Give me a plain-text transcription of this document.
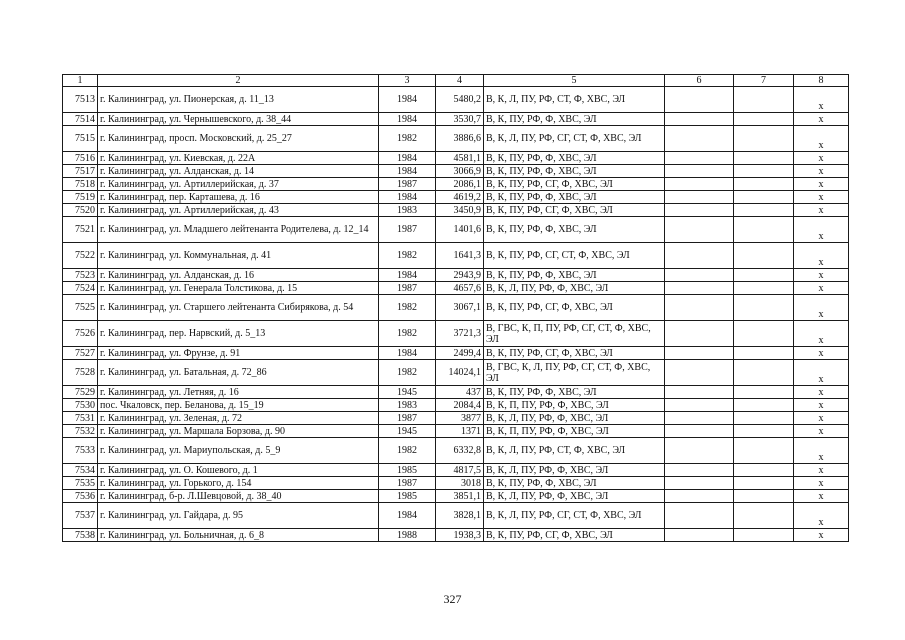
1	2	3	4	5	6	7	8
7513	г. Калининград, ул. Пионерская, д. 11_13	1984	5480,2	В, К, Л, ПУ, РФ, СТ, Ф, ХВС, ЭЛ			x
7514	г. Калининград, ул. Чернышевского, д. 38_44	1984	3530,7	В, К, ПУ, РФ, Ф, ХВС, ЭЛ			x
7515	г. Калининград, просп. Московский, д. 25_27	1982	3886,6	В, К, Л, ПУ, РФ, СГ, СТ, Ф, ХВС, ЭЛ			x
7516	г. Калининград, ул. Киевская, д. 22А	1984	4581,1	В, К, ПУ, РФ, Ф, ХВС, ЭЛ			x
7517	г. Калининград, ул. Алданская, д. 14	1984	3066,9	В, К, ПУ, РФ, Ф, ХВС, ЭЛ			x
7518	г. Калининград, ул. Артиллерийская, д. 37	1987	2086,1	В, К, ПУ, РФ, СГ, Ф, ХВС, ЭЛ			x
7519	г. Калининград, пер. Карташева, д. 16	1984	4619,2	В, К, ПУ, РФ, Ф, ХВС, ЭЛ			x
7520	г. Калининград, ул. Артиллерийская, д. 43	1983	3450,9	В, К, ПУ, РФ, СГ, Ф, ХВС, ЭЛ			x
7521	г. Калининград, ул. Младшего лейтенанта Родителева, д. 12_14	1987	1401,6	В, К, ПУ, РФ, Ф, ХВС, ЭЛ			x
7522	г. Калининград, ул. Коммунальная, д. 41	1982	1641,3	В, К, ПУ, РФ, СГ, СТ, Ф, ХВС, ЭЛ			x
7523	г. Калининград, ул. Алданская, д. 16	1984	2943,9	В, К, ПУ, РФ, Ф, ХВС, ЭЛ			x
7524	г. Калининград, ул. Генерала Толстикова, д. 15	1987	4657,6	В, К, Л, ПУ, РФ, Ф, ХВС, ЭЛ			x
7525	г. Калининград, ул. Старшего лейтенанта Сибирякова, д. 54	1982	3067,1	В, К, ПУ, РФ, СГ, Ф, ХВС, ЭЛ			x
7526	г. Калининград, пер. Нарвский, д. 5_13	1982	3721,3	В, ГВС, К, П, ПУ, РФ, СГ, СТ, Ф, ХВС, ЭЛ			x
7527	г. Калининград, ул. Фрунзе, д. 91	1984	2499,4	В, К, ПУ, РФ, СГ, Ф, ХВС, ЭЛ			x
7528	г. Калининград, ул. Батальная, д. 72_86	1982	14024,1	В, ГВС, К, Л, ПУ, РФ, СГ, СТ, Ф, ХВС, ЭЛ			x
7529	г. Калининград, ул. Летняя, д. 16	1945	437	В, К, ПУ, РФ, Ф, ХВС, ЭЛ			x
7530	пос. Чкаловск, пер. Беланова, д. 15_19	1983	2084,4	В, К, П, ПУ, РФ, Ф, ХВС, ЭЛ			x
7531	г. Калининград, ул. Зеленая, д. 72	1987	3877	В, К, Л, ПУ, РФ, Ф, ХВС, ЭЛ			x
7532	г. Калининград, ул. Маршала Борзова, д. 90	1945	1371	В, К, П, ПУ, РФ, Ф, ХВС, ЭЛ			x
7533	г. Калининград, ул. Мариупольская, д. 5_9	1982	6332,8	В, К, Л, ПУ, РФ, СТ, Ф, ХВС, ЭЛ			x
7534	г. Калининград, ул. О. Кошевого, д. 1	1985	4817,5	В, К, Л, ПУ, РФ, Ф, ХВС, ЭЛ			x
7535	г. Калининград, ул. Горького, д. 154	1987	3018	В, К, ПУ, РФ, Ф, ХВС, ЭЛ			x
7536	г. Калининград, б-р. Л.Шевцовой, д. 38_40	1985	3851,1	В, К, Л, ПУ, РФ, Ф, ХВС, ЭЛ			x
7537	г. Калининград, ул. Гайдара, д. 95	1984	3828,1	В, К, Л, ПУ, РФ, СГ, СТ, Ф, ХВС, ЭЛ			x
7538	г. Калининград, ул. Больничная, д. 6_8	1988	1938,3	В, К, ПУ, РФ, СГ, Ф, ХВС, ЭЛ			x
327
